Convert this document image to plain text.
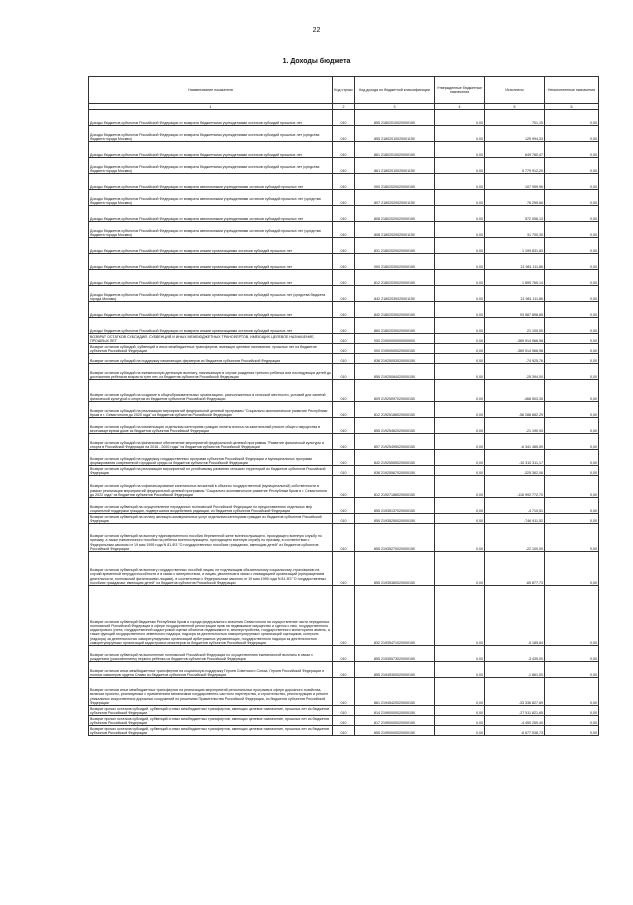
22
1. Доходы бюджета
Наименование показателя	Код строки	Код дохода по бюджетной классификации	Утвержденные бюджетные назначения	Исполнено	Неисполненные назначения
1	2	3	4	5	6
Доходы бюджетов субъектов Российской Федерации от возврата бюджетными учреждениями остатков субсидий прошлых лет	010	855 21802010020000150	0,00	701,15	0,00
Доходы бюджетов субъектов Российской Федерации от возврата бюджетными учреждениями остатков субсидий прошлых лет (средства бюджета города Москвы)	010	855 21802010020001150	0,00	125 994,33	0,00
Доходы бюджетов субъектов Российской Федерации от возврата бюджетными учреждениями остатков субсидий прошлых лет	010	861 21802010020000150	0,00	649 780,47	0,00
Доходы бюджетов субъектов Российской Федерации от возврата бюджетными учреждениями остатков субсидий прошлых лет (средства бюджета города Москвы)	010	861 21802010020001150	0,00	5 779 912,20	0,00
Доходы бюджетов субъектов Российской Федерации от возврата автономными учреждениями остатков субсидий прошлых лет	010	000 21802020020000150	0,00	107 999,96	0,00
Доходы бюджетов субъектов Российской Федерации от возврата автономными учреждениями остатков субсидий прошлых лет (средства бюджета города Москвы)	010	807 21802020020001150	0,00	76 299,68	0,00
Доходы бюджетов субъектов Российской Федерации от возврата автономными учреждениями остатков субсидий прошлых лет	010	808 21802020020000150	0,00	572 056,13	0,00
Доходы бюджетов субъектов Российской Федерации от возврата автономными учреждениями остатков субсидий прошлых лет (средства бюджета города Москвы)	010	808 21802020020001150	0,00	31 700,30	0,00
Доходы бюджетов субъектов Российской Федерации от возврата иными организациями остатков субсидий прошлых лет	010	831 21802020020000150	0,00	1 199 831,83	0,00
Доходы бюджетов субъектов Российской Федерации от возврата иными организациями остатков субсидий прошлых лет	010	000 21802030020000150	0,00	21 981 111,86	0,00
Доходы бюджетов субъектов Российской Федерации от возврата иными организациями остатков субсидий прошлых лет	010	812 21802030020000150	0,00	1 899 765,14	0,00
Доходы бюджетов субъектов Российской Федерации от возврата иными организациями остатков субсидий прошлых лет (средства бюджета города Москвы)	010	842 21802030020001150	0,00	21 981 111,86	0,00
Доходы бюджетов субъектов Российской Федерации от возврата иными организациями остатков субсидий прошлых лет	010	842 21802030020000150	0,00	93 587 898,85	0,00
Доходы бюджетов субъектов Российской Федерации от возврата иными организациями остатков субсидий прошлых лет	010	860 21802030020000150	0,00	21 100,00	0,00
ВОЗВРАТ ОСТАТКОВ СУБСИДИЙ, СУБВЕНЦИЙ И ИНЫХ МЕЖБЮДЖЕТНЫХ ТРАНСФЕРТОВ, ИМЕЮЩИХ ЦЕЛЕВОЕ НАЗНАЧЕНИЕ, ПРОШЛЫХ ЛЕТ	010	000 21900000000000000	0,00	-369 914 966,98	0,00
Возврат остатков субсидий, субвенций и иных межбюджетных трансфертов, имеющих целевое назначение, прошлых лет из бюджетов субъектов Российской Федерации	010	000 21900000020000150	0,00	-369 914 966,98	0,00
Возврат остатков субсидий на поддержку начинающих фермеров из бюджетов субъектов Российской Федерации	010	838 21925053020000150	0,00	-74 925,76	0,00
Возврат остатков субсидий на ежемесячную денежную выплату, назначаемую в случае рождения третьего ребенка или последующих детей до достижения ребенком возраста трех лет, из бюджетов субъектов Российской Федерации	010	855 21925084020000150	0,00	-25 394,00	0,00
Возврат остатков субсидий на создание в общеобразовательных организациях, расположенных в сельской местности, условий для занятий физической культурой и спортом из бюджетов субъектов Российской Федерации	010	809 21925097020000150	0,00	-468 503,35	0,00
Возврат остатков субсидий на реализацию мероприятий федеральной целевой программы "Социально-экономическое развитие Республики Крым и г. Севастополя до 2020 года" из бюджетов субъектов Российской Федерации	010	812 21925188020000150	0,00	-58 288 682,29	0,00
Возврат остатков субсидий на компенсацию отдельным категориям граждан оплаты взноса на капитальный ремонт общего имущества в многоквартирном доме из бюджетов субъектов Российской Федерации	010	855 21925462020000150	0,00	-21 190,93	0,00
Возврат остатков субсидий на финансовое обеспечение мероприятий федеральной целевой программы "Развитие физической культуры и спорта в Российской Федерации на 2016 - 2020 годы" из бюджетов субъектов Российской Федерации	010	807 21925495020000150	0,00	-6 341 485,59	0,00
Возврат остатков субсидий на поддержку государственных программ субъектов Российской Федерации и муниципальных программ формирования современной городской среды из бюджетов субъектов Российской Федерации	010	842 21925555020000150	0,00	-10 310 311,17	0,00
Возврат остатков субсидий на реализацию мероприятий по устойчивому развитию сельских территорий из бюджетов субъектов Российской Федерации	010	838 21925567020000150	0,00	-325 362,06	0,00
Возврат остатков субсидий на софинансирование капитальных вложений в объекты государственной (муниципальной) собственности в рамках реализации мероприятий федеральной целевой программы "Социально-экономическое развитие Республики Крым и г. Севастополя до 2022 года" из бюджетов субъектов Российской Федерации	010	812 21927188020000150	0,00	-116 992 772,70	0,00
Возврат остатков субвенций на осуществление переданных полномочий Российской Федерации по предоставлению отдельных мер социальной поддержки граждан, подвергшихся воздействию радиации, из бюджетов субъектов Российской Федерации	010	855 21935137020000150	0,00	-4 710,51	0,00
Возврат остатков субвенций на оплату жилищно-коммунальных услуг отдельным категориям граждан из бюджетов субъектов Российской Федерации	010	855 21935250020000150	0,00	-746 911,52	0,00
Возврат остатков субвенций на выплату единовременного пособия беременной жене военнослужащего, проходящего военную службу по призыву, а также ежемесячного пособия на ребенка военнослужащего, проходящего военную службу по призыву, в соответствии с Федеральным законом от 19 мая 1995 года N 81-ФЗ "О государственных пособиях гражданам, имеющим детей" из бюджетов субъектов Российской Федерации	010	855 21935270020000150	0,00	-22 100,00	0,00
Возврат остатков субвенций на выплату государственных пособий лицам, не подлежащим обязательному социальному страхованию на случай временной нетрудоспособности и в связи с материнством, и лицам, уволенным в связи с ликвидацией организаций (прекращением деятельности, полномочий физическими лицами), в соответствии с Федеральным законом от 19 мая 1995 года N 81-ФЗ "О государственных пособиях гражданам, имеющим детей" из бюджетов субъектов Российской Федерации	010	855 21935380020000150	0,00	-65 877,73	0,00
Возврат остатков субвенций бюджетам Республики Крым и города федерального значения Севастополя на осуществление части переданных полномочий Российской Федерации в сфере государственной регистрации прав на недвижимое имущество и сделок с ним, государственного кадастрового учета, государственной кадастровой оценки объектов недвижимости, землеустройства, государственного мониторинга земель, а также функций государственного земельного надзора, надзора за деятельностью саморегулируемых организаций оценщиков, контроля (надзора) за деятельностью саморегулируемых организаций арбитражных управляющих, государственного надзора за деятельностью саморегулируемых организаций кадастровых инженеров из бюджетов субъектов Российской Федерации	010	832 21935471020000150	0,00	-5 185,84	0,00
Возврат остатков субвенций на выполнение полномочий Российской Федерации по осуществлению ежемесячной выплаты в связи с рождением (усыновлением) первого ребенка из бюджетов субъектов Российской Федерации	010	855 21935573020000150	0,00	-3 435,00	0,00
Возврат остатков иных межбюджетных трансфертов на социальную поддержку Героев Советского Союза, Героев Российской Федерации и полных кавалеров ордена Славы из бюджетов субъектов Российской Федерации	010	855 21945300020000150	0,00	-1 661,00	0,00
Возврат остатков иных межбюджетных трансфертов на реализацию мероприятий региональных программ в сфере дорожного хозяйства, включая проекты, реализуемые с применением механизмов государственно-частного партнерства, и строительство, реконструкцию и ремонт уникальных искусственных дорожных сооружений по решениям Правительства Российской Федерации, из бюджетов субъектов Российской Федерации	010	861 21945420020000150	0,00	-33 336 827,89	0,00
Возврат прочих остатков субсидий, субвенций и иных межбюджетных трансфертов, имеющих целевое назначение, прошлых лет из бюджетов субъектов Российской Федерации	010	814 21990000020000150	0,00	-27 511 821,65	0,00
Возврат прочих остатков субсидий, субвенций и иных межбюджетных трансфертов, имеющих целевое назначение, прошлых лет из бюджетов субъектов Российской Федерации	010	817 21990000020000150	0,00	-4 450 259,40	0,00
Возврат прочих остатков субсидий, субвенций и иных межбюджетных трансфертов, имеющих целевое назначение, прошлых лет из бюджетов субъектов Российской Федерации	010	855 21990000020000150	0,00	-6 677 538,73	0,00
